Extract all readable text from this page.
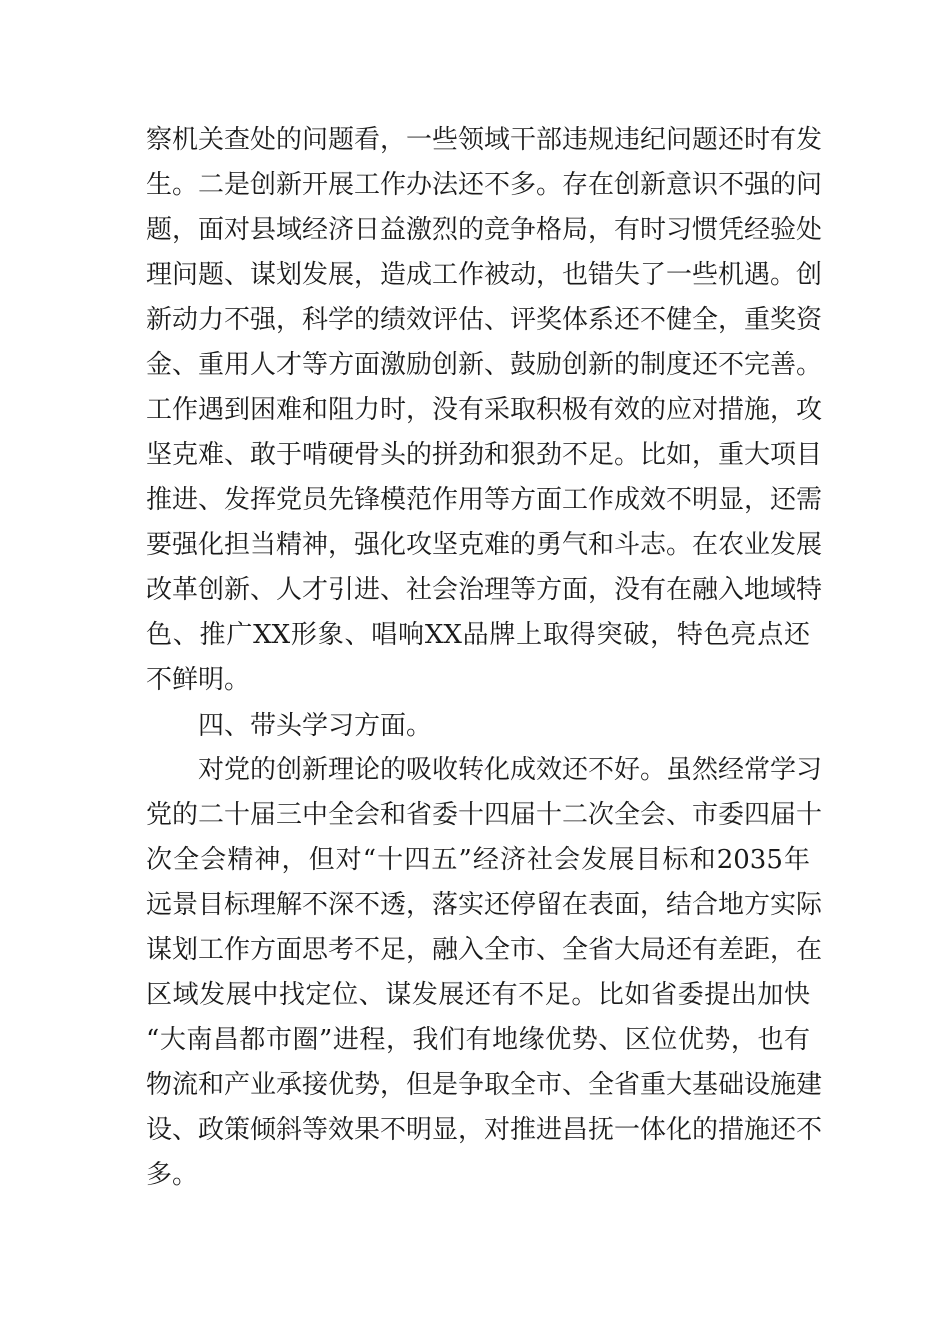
察机关查处的问题看，一些领域干部违规违纪问题还时有发
生。二是创新开展工作办法还不多。存在创新意识不强的问
题，面对县域经济日益激烈的竞争格局，有时习惯凭经验处
理问题、谋划发展，造成工作被动，也错失了一些机遇。创
新动力不强，科学的绩效评估、评奖体系还不健全，重奖资
金、重用人才等方面激励创新、鼓励创新的制度还不完善。
工作遇到困难和阻力时，没有采取积极有效的应对措施，攻
坚克难、敢于啃硬骨头的拼劲和狠劲不足。比如，重大项目
推进、发挥党员先锋模范作用等方面工作成效不明显，还需
要强化担当精神，强化攻坚克难的勇气和斗志。在农业发展
改革创新、人才引进、社会治理等方面，没有在融入地域特
色、推广XX形象、唱响XX品牌上取得突破，特色亮点还
不鲜明。
四、带头学习方面。
对党的创新理论的吸收转化成效还不好。虽然经常学习
党的二十届三中全会和省委十四届十二次全会、市委四届十
次全会精神，但对“十四五”经济社会发展目标和2035年
远景目标理解不深不透，落实还停留在表面，结合地方实际
谋划工作方面思考不足，融入全市、全省大局还有差距，在
区域发展中找定位、谋发展还有不足。比如省委提出加快
“大南昌都市圈”进程，我们有地缘优势、区位优势，也有
物流和产业承接优势，但是争取全市、全省重大基础设施建
设、政策倾斜等效果不明显，对推进昌抚一体化的措施还不
多。
